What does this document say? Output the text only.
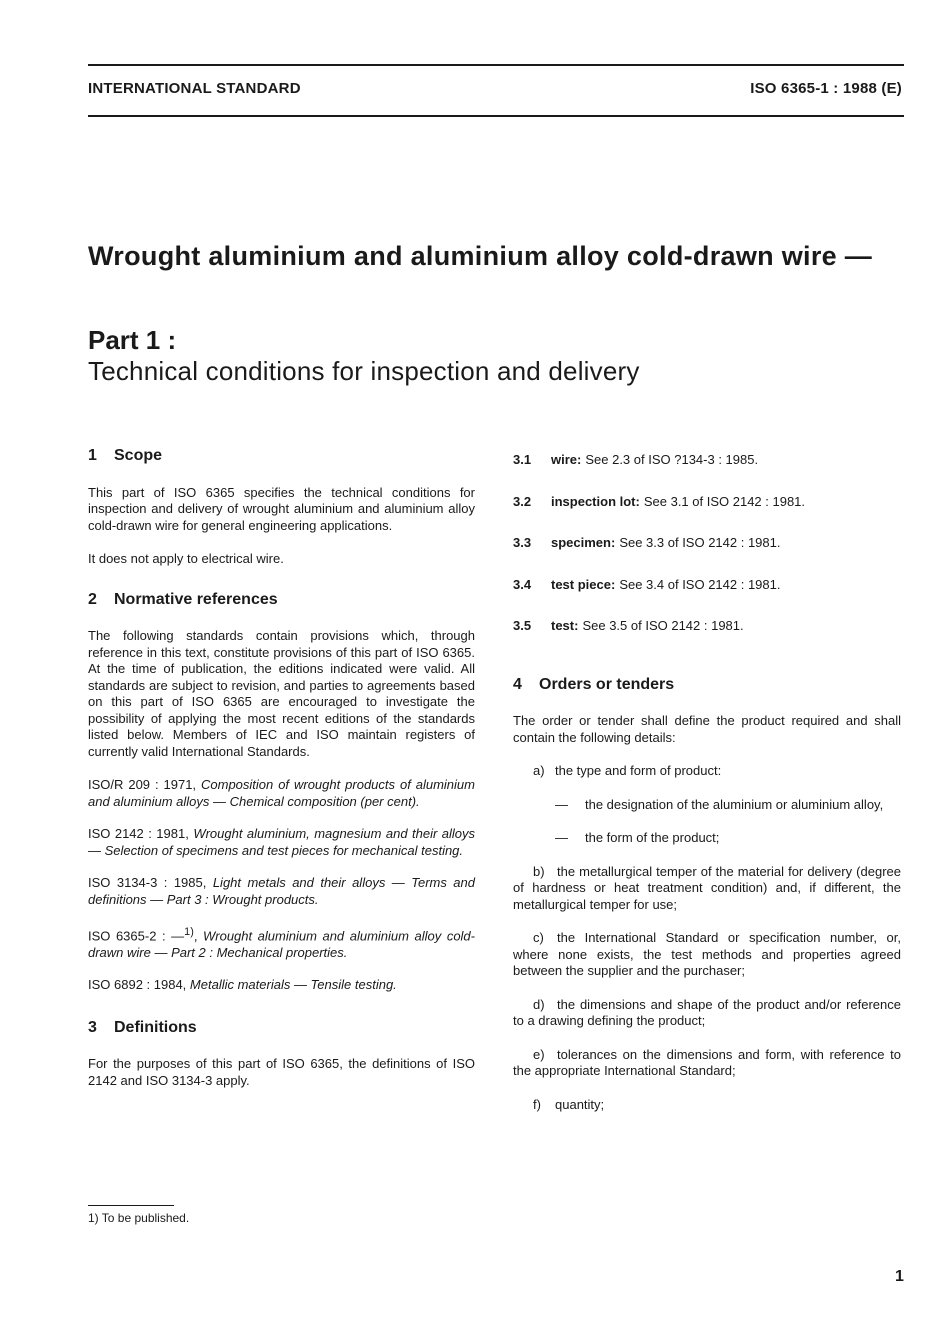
INTERNATIONAL STANDARD	ISO 6365-1 : 1988 (E)
Wrought aluminium and aluminium alloy cold-drawn wire —
Part 1 :
Technical conditions for inspection and delivery
1 Scope

This part of ISO 6365 specifies the technical conditions for inspection and delivery of wrought aluminium and aluminium alloy cold-drawn wire for general engineering applications.

It does not apply to electrical wire.

2 Normative references

The following standards contain provisions which, through reference in this text, constitute provisions of this part of ISO 6365. At the time of publication, the editions indicated were valid. All standards are subject to revision, and parties to agreements based on this part of ISO 6365 are encouraged to investigate the possibility of applying the most recent editions of the standards listed below. Members of IEC and ISO maintain registers of currently valid International Standards.

ISO/R 209 : 1971, Composition of wrought products of aluminium and aluminium alloys — Chemical composition (per cent).

ISO 2142 : 1981, Wrought aluminium, magnesium and their alloys — Selection of specimens and test pieces for mechanical testing.

ISO 3134-3 : 1985, Light metals and their alloys — Terms and definitions — Part 3 : Wrought products.

ISO 6365-2 : —$^{1)}$, Wrought aluminium and aluminium alloy cold-drawn wire — Part 2 : Mechanical properties.

ISO 6892 : 1984, Metallic materials — Tensile testing.

3 Definitions

For the purposes of this part of ISO 6365, the definitions of ISO 2142 and ISO 3134-3 apply.

3.1	wire: See 2.3 of ISO ?134-3 : 1985.
3.2	inspection lot: See 3.1 of ISO 2142 : 1981.
3.3	specimen: See 3.3 of ISO 2142 : 1981.
3.4	test piece: See 3.4 of ISO 2142 : 1981.
3.5	test: See 3.5 of ISO 2142 : 1981.
4 Orders or tenders

The order or tender shall define the product required and shall contain the following details:

a) the type and form of product:
—	the designation of the aluminium or aluminium alloy,
—	the form of the product;
b) the metallurgical temper of the material for delivery (degree of hardness or heat treatment condition) and, if different, the metallurgical temper for use;
c) the International Standard or specification number, or, where none exists, the test methods and properties agreed between the supplier and the purchaser;
d) the dimensions and shape of the product and/or reference to a drawing defining the product;
e) tolerances on the dimensions and form, with reference to the appropriate International Standard;
f)	quantity;
1) To be published.
1
